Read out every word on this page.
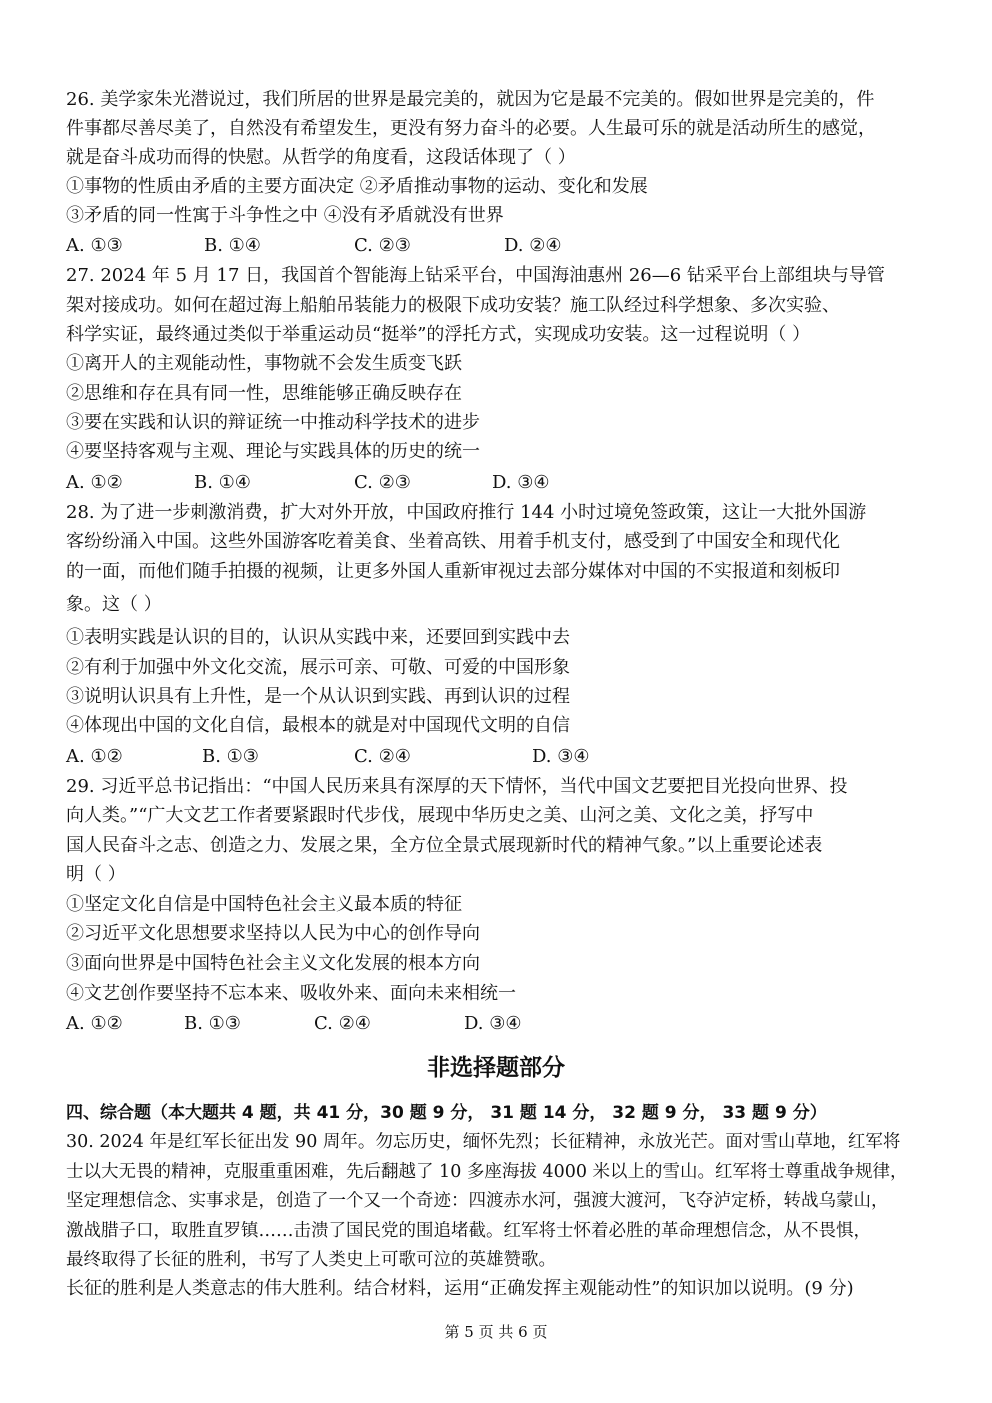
26. 美学家朱光潜说过，我们所居的世界是最完美的，就因为它是最不完美的。假如世界是完美的，件
件事都尽善尽美了，自然没有希望发生，更没有努力奋斗的必要。人生最可乐的就是活动所生的感觉，
就是奋斗成功而得的快慰。从哲学的角度看，这段话体现了（ ）
①事物的性质由矛盾的主要方面决定 ②矛盾推动事物的运动、变化和发展
③矛盾的同一性寓于斗争性之中 ④没有矛盾就没有世界
A. ①③	B. ①④	C. ②③	D. ②④
27. 2024 年 5 月 17 日，我国首个智能海上钻采平台，中国海油惠州 26—6 钻采平台上部组块与导管
架对接成功。如何在超过海上船舶吊装能力的极限下成功安装？施工队经过科学想象、多次实验、
科学实证，最终通过类似于举重运动员“挺举”的浮托方式，实现成功安装。这一过程说明（ ）
①离开人的主观能动性，事物就不会发生质变飞跃
②思维和存在具有同一性，思维能够正确反映存在
③要在实践和认识的辩证统一中推动科学技术的进步
④要坚持客观与主观、理论与实践具体的历史的统一
A. ①②	B. ①④	C. ②③	D. ③④
28. 为了进一步刺激消费，扩大对外开放，中国政府推行 144 小时过境免签政策，这让一大批外国游
客纷纷涌入中国。这些外国游客吃着美食、坐着高铁、用着手机支付，感受到了中国安全和现代化
的一面，而他们随手拍摄的视频，让更多外国人重新审视过去部分媒体对中国的不实报道和刻板印
象。这（ ）
①表明实践是认识的目的，认识从实践中来，还要回到实践中去
②有利于加强中外文化交流，展示可亲、可敬、可爱的中国形象
③说明认识具有上升性，是一个从认识到实践、再到认识的过程
④体现出中国的文化自信，最根本的就是对中国现代文明的自信
A. ①②	B. ①③	C. ②④	D. ③④
29. 习近平总书记指出：“中国人民历来具有深厚的天下情怀，当代中国文艺要把目光投向世界、投
向人类。”“广大文艺工作者要紧跟时代步伐，展现中华历史之美、山河之美、文化之美，抒写中
国人民奋斗之志、创造之力、发展之果，全方位全景式展现新时代的精神气象。”以上重要论述表
明（ ）
①坚定文化自信是中国特色社会主义最本质的特征
②习近平文化思想要求坚持以人民为中心的创作导向
③面向世界是中国特色社会主义文化发展的根本方向
④文艺创作要坚持不忘本来、吸收外来、面向未来相统一
A. ①②	B. ①③	C. ②④	D. ③④
非选择题部分
四、综合题（本大题共 4 题，共 41 分，30 题 9 分， 31 题 14 分， 32 题 9 分， 33 题 9 分）
30. 2024 年是红军长征出发 90 周年。勿忘历史，缅怀先烈；长征精神，永放光芒。面对雪山草地，红军将
士以大无畏的精神，克服重重困难，先后翻越了 10 多座海拔 4000 米以上的雪山。红军将士尊重战争规律，
坚定理想信念、实事求是，创造了一个又一个奇迹：四渡赤水河，强渡大渡河，飞夺泸定桥，转战乌蒙山，
激战腊子口，取胜直罗镇……击溃了国民党的围追堵截。红军将士怀着必胜的革命理想信念，从不畏惧，
最终取得了长征的胜利，书写了人类史上可歌可泣的英雄赞歌。
长征的胜利是人类意志的伟大胜利。结合材料，运用“正确发挥主观能动性”的知识加以说明。(9 分)
第 5 页 共 6 页
